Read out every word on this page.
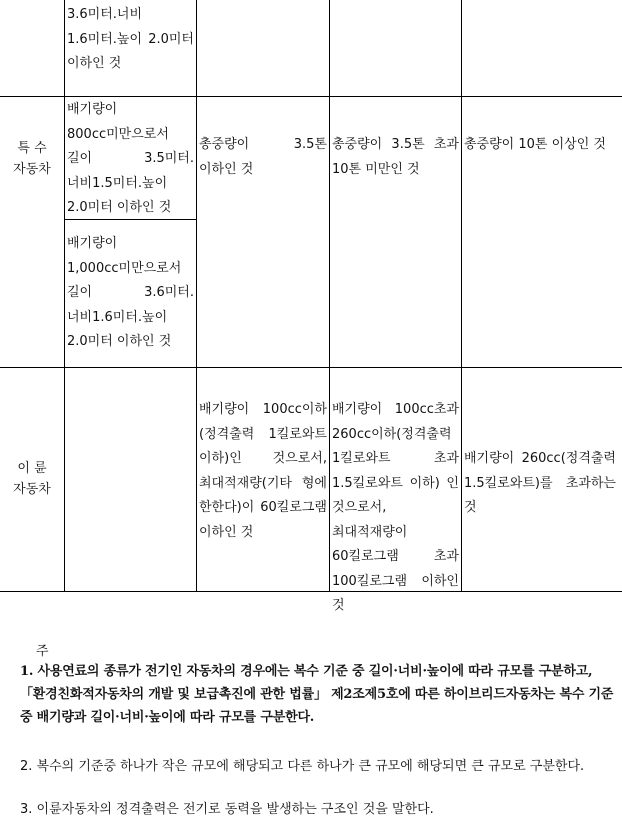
3.6미터.너비 1.6미터.높이 2.0미터 이하인 것
특 수
자동차
배기량이 800cc미만으로서 길이 3.5미터.너비1.5미터.높이 2.0미터 이하인 것
배기량이 1,000cc미만으로서 길이 3.6미터.너비1.6미터.높이 2.0미터 이하인 것
총중량이 3.5톤 이하인 것
총중량이 3.5톤 초과 10톤 미만인 것
총중량이 10톤 이상인 것
이 륜
자동차
배기량이 100cc이하(정격출력 1킬로와트 이하)인 것으로서, 최대적재량(기타 형에 한한다)이 60킬로그램 이하인 것
배기량이 100cc초과 260cc이하(정격출력 1킬로와트 초과 1.5킬로와트 이하) 인 것으로서, 최대적재량이 60킬로그램 초과 100킬로그램 이하인 것
배기량이 260cc(정격출력 1.5킬로와트)를 초과하는 것
주
1. 사용연료의 종류가 전기인 자동차의 경우에는 복수 기준 중 길이·너비·높이에 따라 규모를 구분하고, 「환경친화적자동차의 개발 및 보급촉진에 관한 법률」 제2조제5호에 따른 하이브리드자동차는 복수 기준 중 배기량과 길이·너비·높이에 따라 규모를 구분한다.
2. 복수의 기준중 하나가 작은 규모에 해당되고 다른 하나가 큰 규모에 해당되면 큰 규모로 구분한다.
3. 이륜자동차의 정격출력은 전기로 동력을 발생하는 구조인 것을 말한다.
